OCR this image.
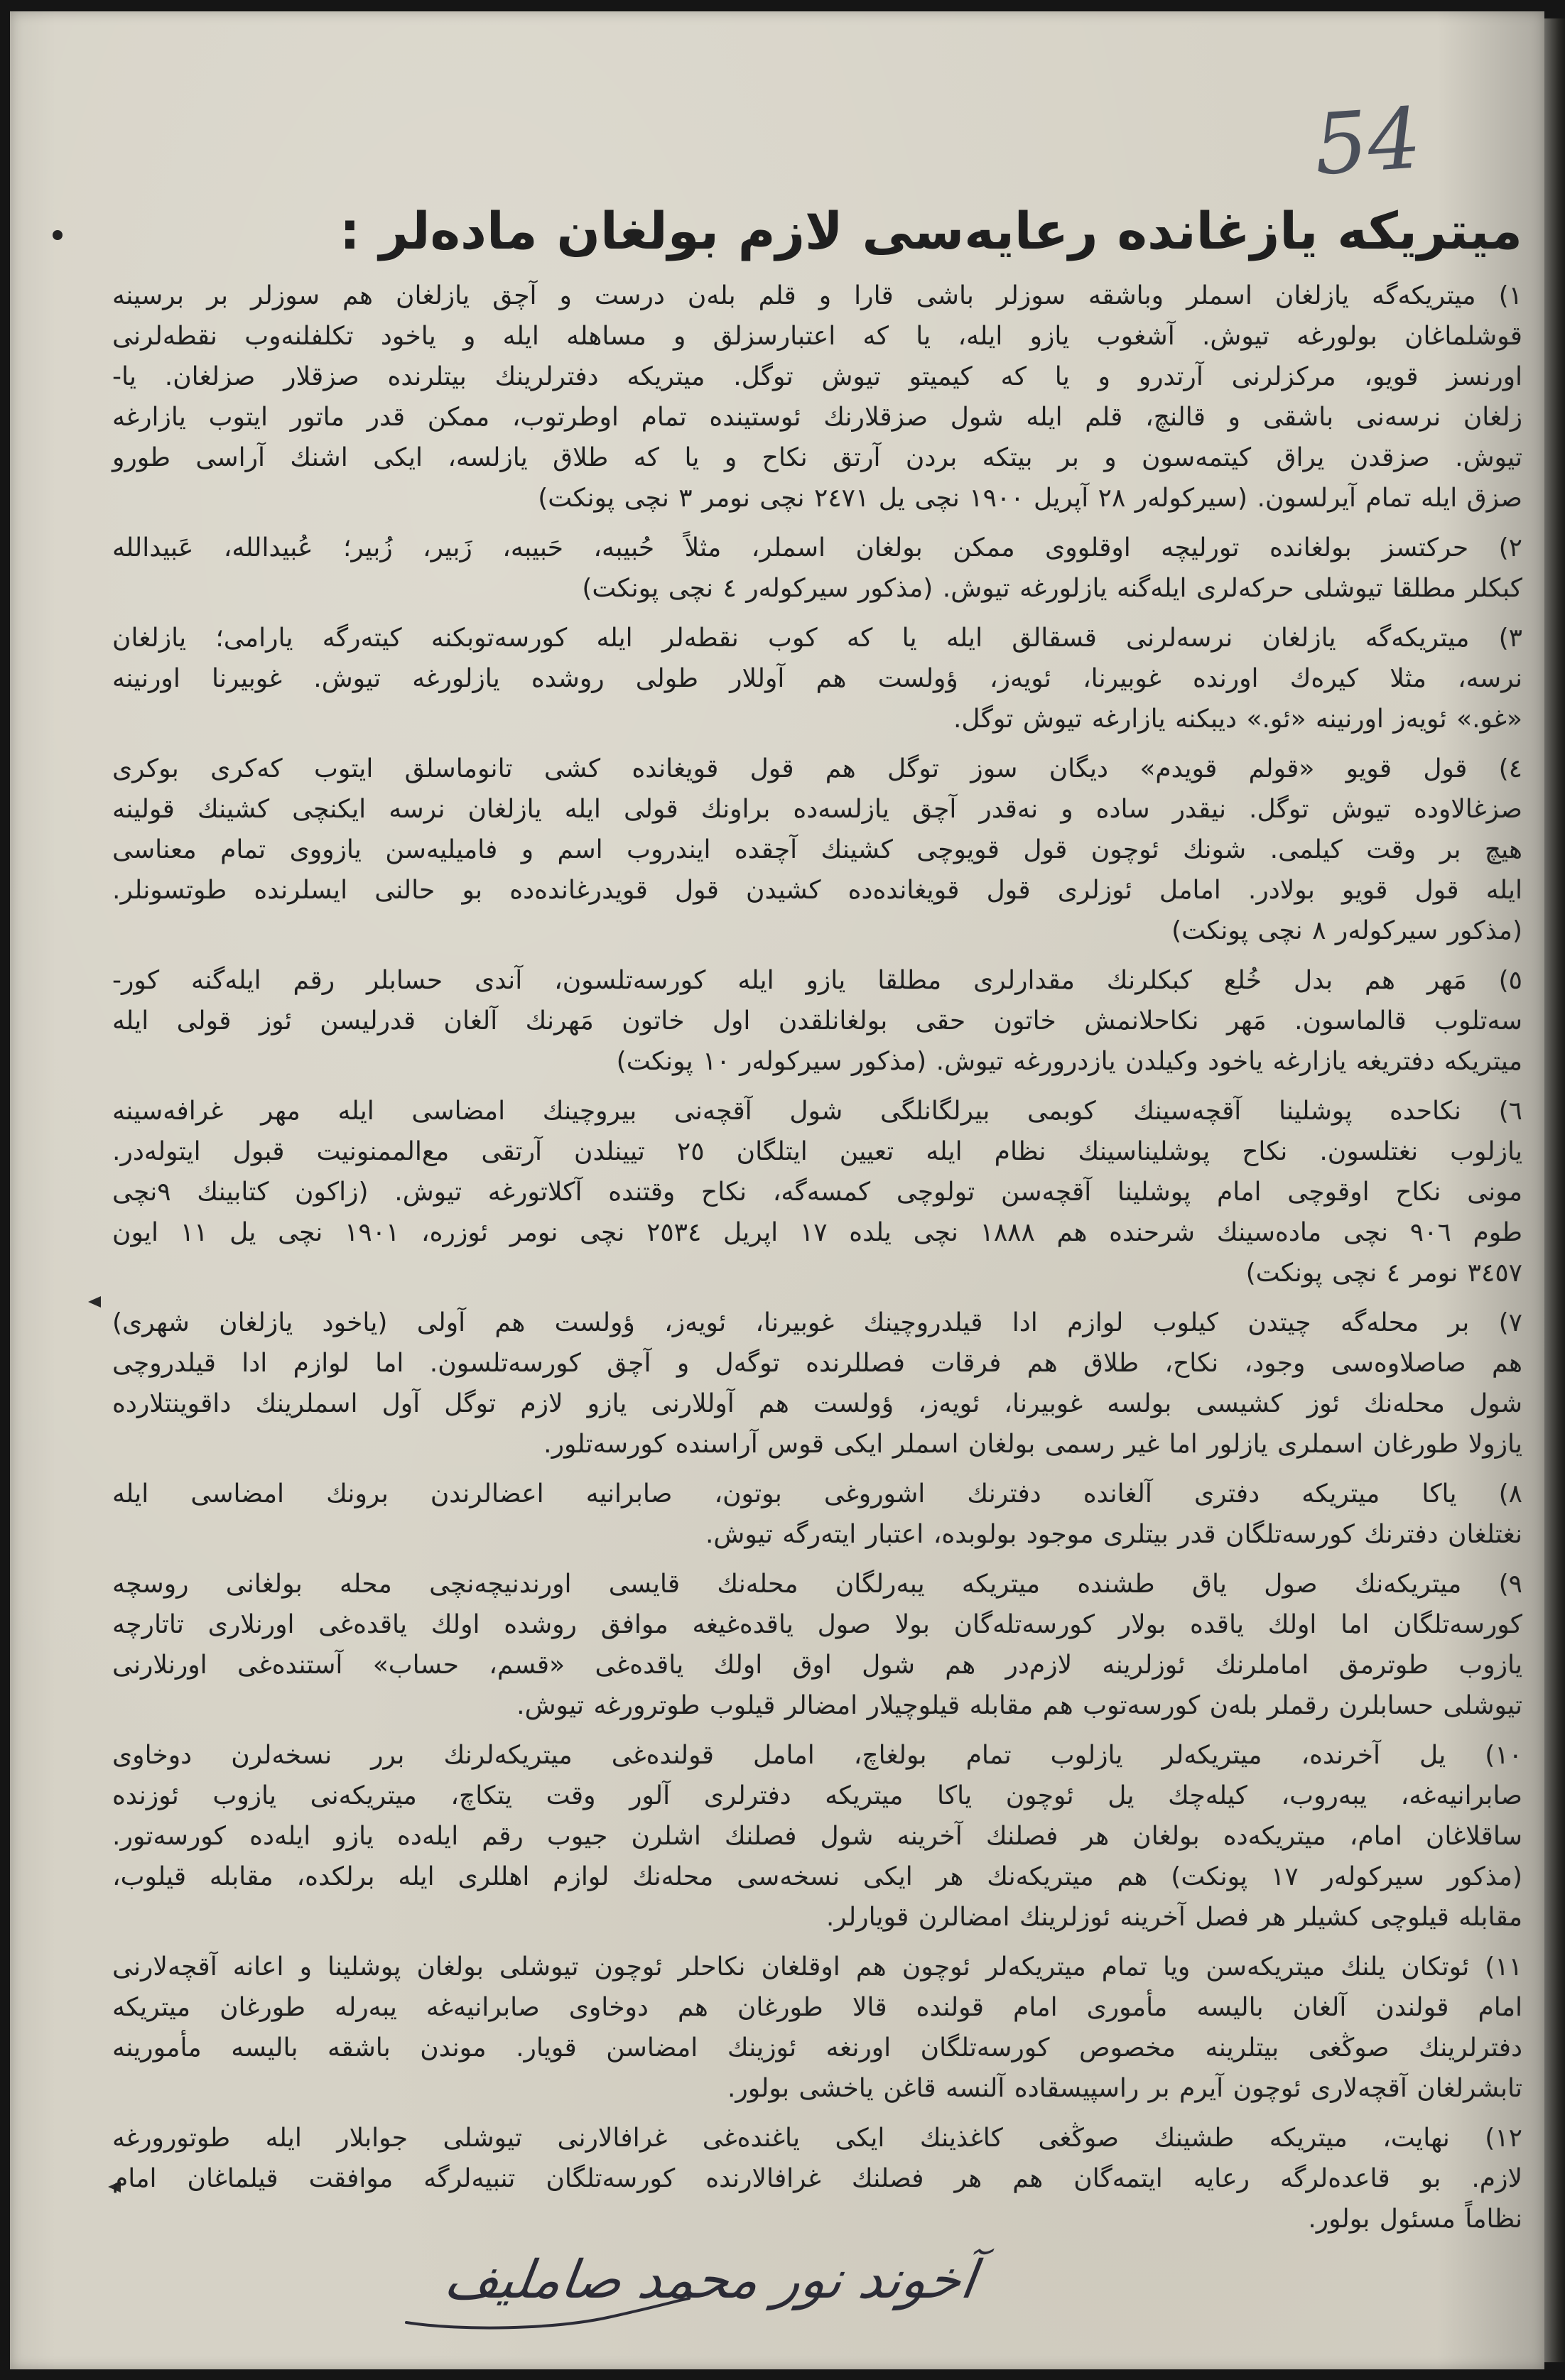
54
میتریکه یازغانده رعایه‌سی لازم بولغان ماده‌لر :
١) میتریکه‌گه یازلغان اسملر وباشقه سوزلر باشی قارا و قلم بله‌ن درست و آچق یازلغان هم سوزلر بر برسینه
قوشلماغان بولورغه تیوش. آشغوب یازو ایله، یا که اعتبارسزلق و مساهله ایله و یاخود تکلفلنه‌وب نقطه‌لرنی
اورنسز قویو، مرکزلرنی آرتدرو و یا که کیمیتو تیوش توگل. میتریکه دفترلرینك بیتلرنده صزقلار صزلغان. یا-
زلغان نرسه‌نی باشقی و قالنچ، قلم ایله شول صزقلارنك ئوستینده تمام اوطرتوب، ممکن قدر ماتور ایتوب یازارغه
تیوش. صزقدن یراق کیتمه‌سون و بر بیتکه بردن آرتق نکاح و یا که طلاق یازلسه، ایکی اشنك آراسی طورو
صزق ایله تمام آیرلسون. (سیرکوله‌ر ٢٨ آپریل ١٩٠٠ نچی یل ٢٤٧١ نچی نومر ٣ نچی پونکت)
٢) حرکتسز بولغانده تورلیچه اوقلووی ممکن بولغان اسملر، مثلاً حُبیبه، حَبیبه، زَبیر، زُبیر؛ عُبیدالله، عَبیدالله
کبکلر مطلقا تیوشلی حرکه‌لری ایله‌گنه یازلورغه تیوش. (مذکور سیرکوله‌ر ٤ نچی پونکت)
٣) میتریکه‌گه یازلغان نرسه‌لرنی قسقالق ایله یا که کوب نقطه‌لر ایله کورسه‌توبکنه کیته‌رگه یارامی؛ یازلغان
نرسه، مثلا کیره‌ك اورنده غوبیرنا، ئویه‌ز، ؤولست هم آوللار طولی روشده یازلورغه تیوش. غوبیرنا اورنینه
«غو.» ئویه‌ز اورنینه «ئو.» دیبکنه یازارغه تیوش توگل.
٤) قول قویو «قولم قویدم» دیگان سوز توگل هم قول قویغانده کشی تانوماسلق ایتوب که‌کری بوکری
صزغالاوده تیوش توگل. نیقدر ساده و نه‌قدر آچق یازلسه‌ده براونك قولی ایله یازلغان نرسه ایکنچی کشینك قولینه
هیچ بر وقت کیلمی. شونك ئوچون قول قویوچی کشینك آچقده ایندروب اسم و فامیلیه‌سن یازووی تمام معناسی
ایله قول قویو بولادر. امامل ئوزلری قول قویغانده‌ده کشیدن قول قویدرغانده‌ده بو حالنی ایسلرنده طوتسونلر.
(مذکور سیرکوله‌ر ٨ نچی پونکت)
٥) مَهر هم بدل خُلع کبکلرنك مقدارلری مطلقا یازو ایله کورسه‌تلسون، آندی حسابلر رقم ایله‌گنه کور-
سه‌تلوب قالماسون. مَهر نکاحلانمش خاتون حقی بولغانلقدن اول خاتون مَهرنك آلغان قدرلیسن ئوز قولی ایله
میتریکه دفتریغه یازارغه یاخود وکیلدن یازدرورغه تیوش. (مذکور سیرکوله‌ر ١٠ پونکت)
٦) نکاحده پوشلینا آقچه‌سینك کوبمی بیرلگانلگی شول آقچه‌نی بیروچینك امضاسی ایله مهر غرافه‌سینه
یازلوب نغتلسون. نکاح پوشلیناسینك نظام ایله تعیین ایتلگان ٢٥ تیینلدن آرتقی مع‌الممنونیت قبول ایتوله‌در.
مونی نکاح اوقوچی امام پوشلینا آقچه‌سن تولوچی کمسه‌گه، نکاح وقتنده آکلاتورغه تیوش. (زاکون کتابینك ٩نچی
طوم ٩٠٦ نچی ماده‌سینك شرحنده هم ١٨٨٨ نچی یلده ١٧ اپریل ٢٥٣٤ نچی نومر ئوزره، ١٩٠١ نچی یل ١١ ایون
٣٤٥٧ نومر ٤ نچی پونکت)
٧) بر محله‌گه چیتدن کیلوب لوازم ادا قیلدروچینك غوبیرنا، ئویه‌ز، ؤولست هم آولی (یاخود یازلغان شهری)
هم صاصلاوه‌سی وجود، نکاح، طلاق هم فرقات فصللرنده توگه‌ل و آچق کورسه‌تلسون. اما لوازم ادا قیلدروچی
شول محله‌نك ئوز کشیسی بولسه غوبیرنا، ئویه‌ز، ؤولست هم آوللارنی یازو لازم توگل آول اسملرینك داقوینتلارده
یازولا طورغان اسملری یازلور اما غیر رسمی بولغان اسملر ایکی قوس آراسنده کورسه‌تلور.
٨) یاکا میتریکه دفتری آلغانده دفترنك اشوروغی بوتون، صابرانیه اعضالرندن برونك امضاسی ایله
نغتلغان دفترنك کورسه‌تلگان قدر بیتلری موجود بولوبده، اعتبار ایته‌رگه تیوش.
٩) میتریکه‌نك صول یاق طشنده میتریکه یبه‌رلگان محله‌نك قایسی اورندنیچه‌نچی محله بولغانی روسچه
کورسه‌تلگان اما اولك یاقده بولار کورسه‌تله‌گان بولا صول یاقده‌غیغه موافق روشده اولك یاقده‌غی اورنلاری تاتارچه
یازوب طوترمق اماملرنك ئوزلرینه لازم‌در هم شول اوق اولك یاقده‌غی «قسم، حساب» آستنده‌غی اورنلارنی
تیوشلی حسابلرن رقملر بله‌ن کورسه‌توب هم مقابله قیلوچیلار امضالر قیلوب طوترورغه تیوش.
١٠) یل آخرنده، میتریکه‌لر یازلوب تمام بولغاچ، امامل قولنده‌غی میتریکه‌لرنك برر نسخه‌لرن دوخاوی
صابرانیه‌غه، یبه‌روب، کیله‌چك یل ئوچون یاکا میتریکه دفترلری آلور وقت یتکاچ، میتریکه‌نی یازوب ئوزنده
ساقلاغان امام، میتریکه‌ده بولغان هر فصلنك آخرینه شول فصلنك اشلرن جیوب رقم ایله‌ده یازو ایله‌ده کورسه‌تور.
(مذکور سیرکوله‌ر ١٧ پونکت) هم میتریکه‌نك هر ایکی نسخه‌سی محله‌نك لوازم اهللری ایله برلکده، مقابله قیلوب،
مقابله قیلوچی کشیلر هر فصل آخرینه ئوزلرینك امضالرن قویارلر.
١١) ئوتکان یلنك میتریکه‌سن ویا تمام میتریکه‌لر ئوچون هم اوقلغان نکاحلر ئوچون تیوشلی بولغان پوشلینا و اعانه آقچه‌لارنی
امام قولندن آلغان بالیسه مأموری امام قولنده قالا طورغان هم دوخاوی صابرانیه‌غه یبه‌رله طورغان میتریکه
دفترلرینك صوڭغی بیتلرینه مخصوص کورسه‌تلگان اورنغه ئوزینك امضاسن قویار. موندن باشقه بالیسه مأمورینه
تابشرلغان آقچه‌لاری ئوچون آیرم بر راسپیسقاده آلنسه قاغن یاخشی بولور.
١٢) نهایت، میتریکه طشینك صوڭغی کاغذینك ایکی یاغنده‌غی غرافالارنی تیوشلی جوابلار ایله طوتورورغه
لازم. بو قاعده‌لرگه رعایه ایتمه‌گان هم هر فصلنك غرافالارنده کورسه‌تلگان تنبیه‌لرگه موافقت قیلماغان امام
نظاماً مسئول بولور.
آخوند نور محمد صاملیف
